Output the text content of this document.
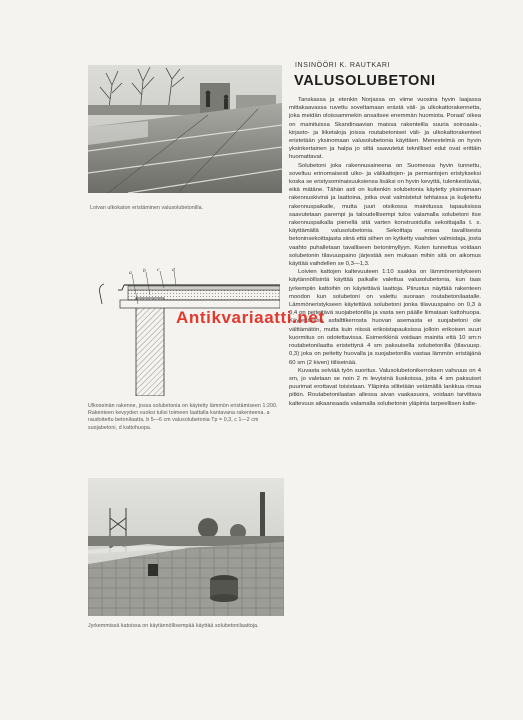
Loivan ulkokaton eristäminen valusolubetonilla.
a b c d
Ulkoseinän rakenne, jossa solubetonia on käytetty lämmön eristämiseen 1:200. Rakenteen kevyyden vuoksi tulisi toimeen laattalla kantavana rakenteena. a raudoitettu betonilaatta, b 5—6 cm valusolubetonia Tp = 0,3, c 1—2 cm suojabetoni, d kattohuopa.
Jyrkemmissä katoissa on käytännöllisempää käyttää solubetonilaattoja.
INSINÖÖRI K. RAUTKARI
VALUSOLUBETONI

Tanskassa ja etenkin Norjassa on viime vuosina hyvin laajassa mittakaavassa ruvettu soveltamaan erästä väli- ja ulkokattorakennetta, joka meidän oloissammekin ansaitsee enemmän huomiota. Poraat' oikea on mainituissa Skandinaavian maissa rakenteilla suuria soiroaala-, kirjasto- ja liiketaloja joissa routabetoniset väli- ja ulkokattorakenteet eristetään yksinomaan valusolubetonia käyttäen. Menestelmä on hyvin yksinkertainen ja halpa jo siltä saavutetut teknilliset edut ovat erittäin huomattavat.

Solubetoni joka rakennusaineena on Suomessa hyvin tunnettu, soveltuu erinomaisesti ulko- ja välikattojen- ja permantojen eristykseksi koska se eristysominaisuuksiensa lisäksi on hyvin kevyttä, tulenkestävää, eikä mätäne. Tähän asti on kuitenkin solubetonia käytetty yksinomaan rakennuskivinä ja laattoina, jotka ovat valmistetut tehtaissa ja kuljetettu rakennuspaikalle, mutta juuri otsikossa mainitussa tapauksissa saavutetaan parempi ja taloudellisempi tulos valamalla solubetoni itse rakennuspaikalla pienellä sitä varten konstruoidulla sekoittajalla t. s. käyttämällä valusolubetonia. Sekoittaja eroaa tavallisesta betoninsekoittajasta siinä että siihen on kytketty vaahden valmistaja, josta vaahto puhalletaan tavalliseen betonimyllyyn. Kuten tunnettua voidaan solubetonin tilavuuspaino järjestää sen mukaan mihin sitä on aikomus käyttää vaihdellen se 0,3—1,3.

Loivien kattojen kaltevuuteen 1:10 saakka on lämmöneristykseen käytännöllisintä käyttää paikalle valettua valusolubetonia, kun taas jyrkempiin kattoihin on käytettävä laattoja. Piirustus näyttää rakenteen moodon kun solubetoni on valettu suoraan routabetonilaatalle. Lämmöneristykseen käytettävä solubetoni jonka tilavuuspaino on 0,3 à 0,4 on peitettävä suojabetonilla ja vasta sen päälle liimataan kattohuopa. Käytettäessä asfalttikerrosta huovan asemasta ei suojabetoni ole välttämätön, mutta kuin niissä erikoistapauksissa jolloin erikoisen suuri kuormitus on odotettavissa. Esimerkkinä voidaan mainita että 10 sm:n routabetonilaatta eristettynä 4 sm paksuisella solubetonilla (tilavuusp. 0,3) joka on peitetty huovalla ja suojabetonilla vastaa lämmön eristäjänä 60 sm (2 kiven) tiiliseinää.

Kuvasta selviää työn suoritus. Valusolubetonikerroksen vahvuus on 4 sm, jo valetaan se noin 2 m levyisinä liuskoissa, joita 4 sm paksuiset puurimat erottavat toisistaan. Yläpinta silitetään vetämällä lankkua rimaa pitkin. Routabetonilaatan allessa aivan vaakasuora, voidaan tarvittava kaltevuus aikaansaada valamalla solubetonin yläpinta tarpeellisen kalte-

Antikvariaatti.net
